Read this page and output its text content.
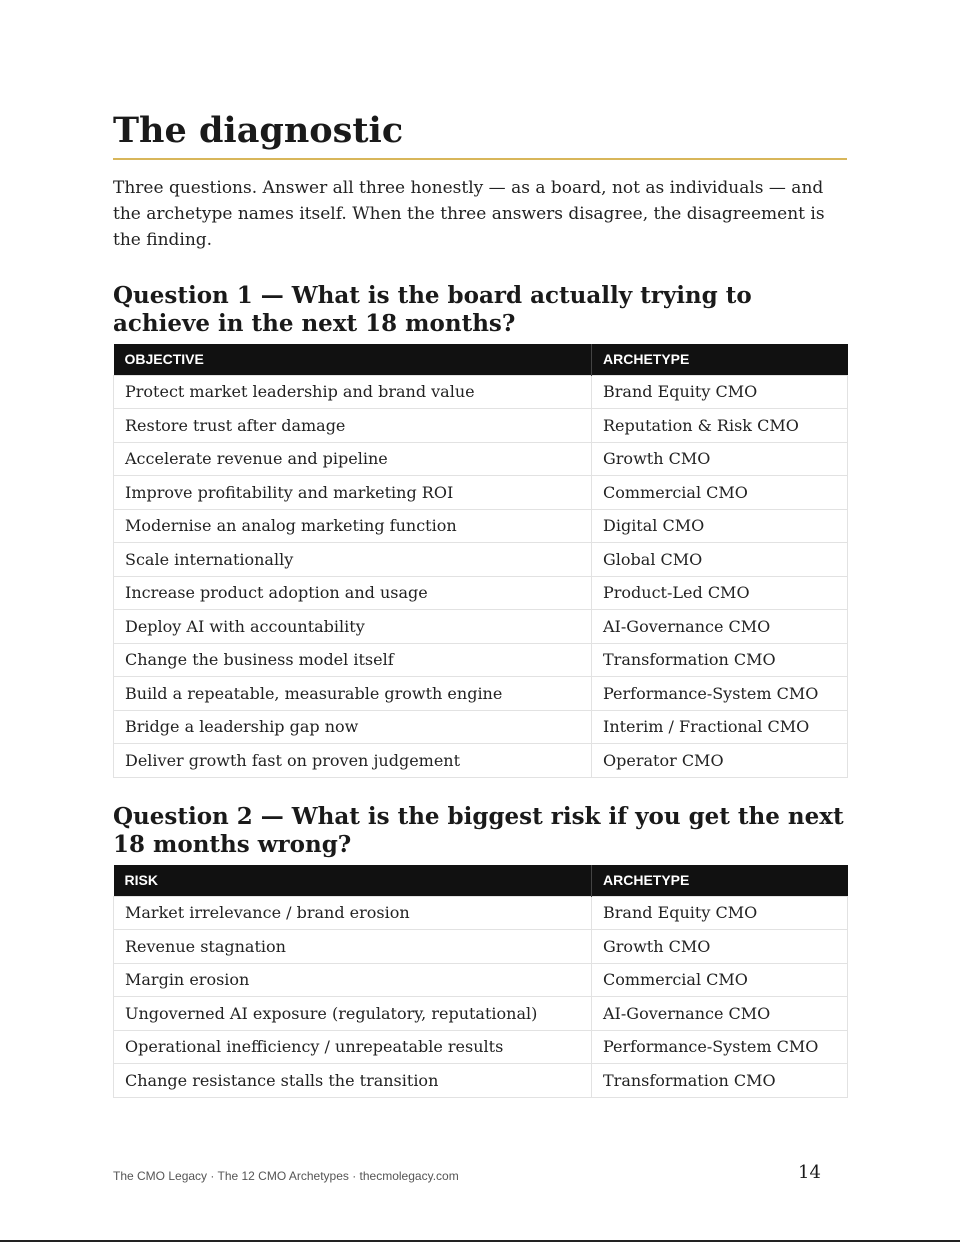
The diagnostic

Three questions. Answer all three honestly — as a board, not as individuals — and the archetype names itself. When the three answers disagree, the disagreement is the finding.

Question 1 — What is the board actually trying to achieve in the next 18 months?
OBJECTIVE	ARCHETYPE
Protect market leadership and brand value	Brand Equity CMO
Restore trust after damage	Reputation & Risk CMO
Accelerate revenue and pipeline	Growth CMO
Improve profitability and marketing ROI	Commercial CMO
Modernise an analog marketing function	Digital CMO
Scale internationally	Global CMO
Increase product adoption and usage	Product-Led CMO
Deploy AI with accountability	AI-Governance CMO
Change the business model itself	Transformation CMO
Build a repeatable, measurable growth engine	Performance-System CMO
Bridge a leadership gap now	Interim / Fractional CMO
Deliver growth fast on proven judgement	Operator CMO
Question 2 — What is the biggest risk if you get the next 18 months wrong?
RISK	ARCHETYPE
Market irrelevance / brand erosion	Brand Equity CMO
Revenue stagnation	Growth CMO
Margin erosion	Commercial CMO
Ungoverned AI exposure (regulatory, reputational)	AI-Governance CMO
Operational inefficiency / unrepeatable results	Performance-System CMO
Change resistance stalls the transition	Transformation CMO
The CMO Legacy · The 12 CMO Archetypes · thecmolegacy.com	14
